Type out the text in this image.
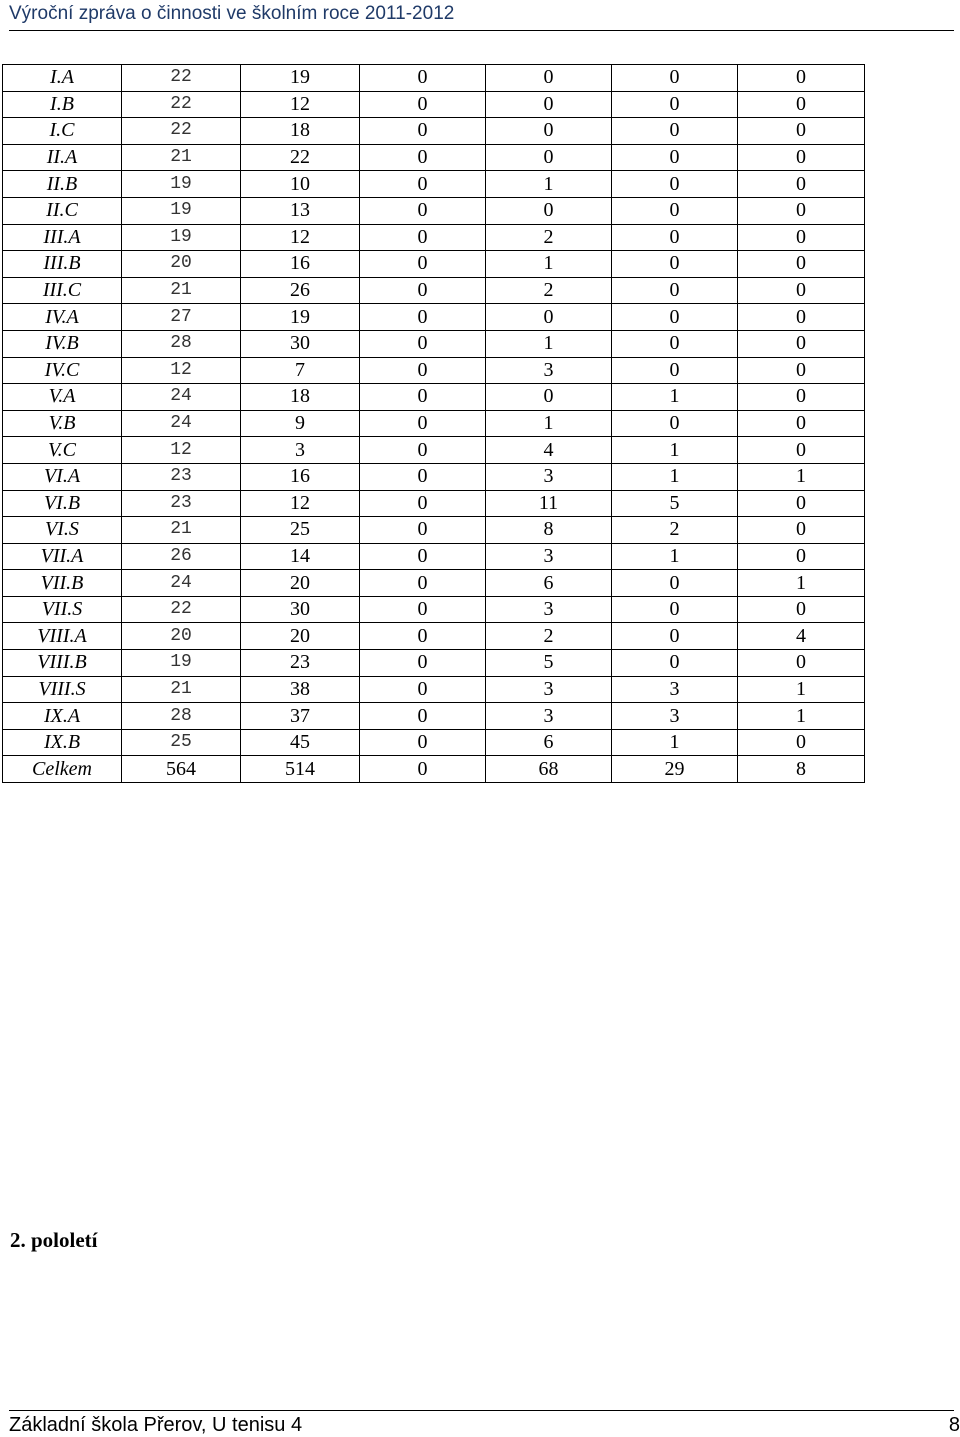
Výroční zpráva o činnosti ve školním roce 2011-2012
I.A	22	19	0	0	0	0
I.B	22	12	0	0	0	0
I.C	22	18	0	0	0	0
II.A	21	22	0	0	0	0
II.B	19	10	0	1	0	0
II.C	19	13	0	0	0	0
III.A	19	12	0	2	0	0
III.B	20	16	0	1	0	0
III.C	21	26	0	2	0	0
IV.A	27	19	0	0	0	0
IV.B	28	30	0	1	0	0
IV.C	12	7	0	3	0	0
V.A	24	18	0	0	1	0
V.B	24	9	0	1	0	0
V.C	12	3	0	4	1	0
VI.A	23	16	0	3	1	1
VI.B	23	12	0	11	5	0
VI.S	21	25	0	8	2	0
VII.A	26	14	0	3	1	0
VII.B	24	20	0	6	0	1
VII.S	22	30	0	3	0	0
VIII.A	20	20	0	2	0	4
VIII.B	19	23	0	5	0	0
VIII.S	21	38	0	3	3	1
IX.A	28	37	0	3	3	1
IX.B	25	45	0	6	1	0
Celkem	564	514	0	68	29	8
2. pololetí
Základní škola Přerov, U tenisu 4	8
